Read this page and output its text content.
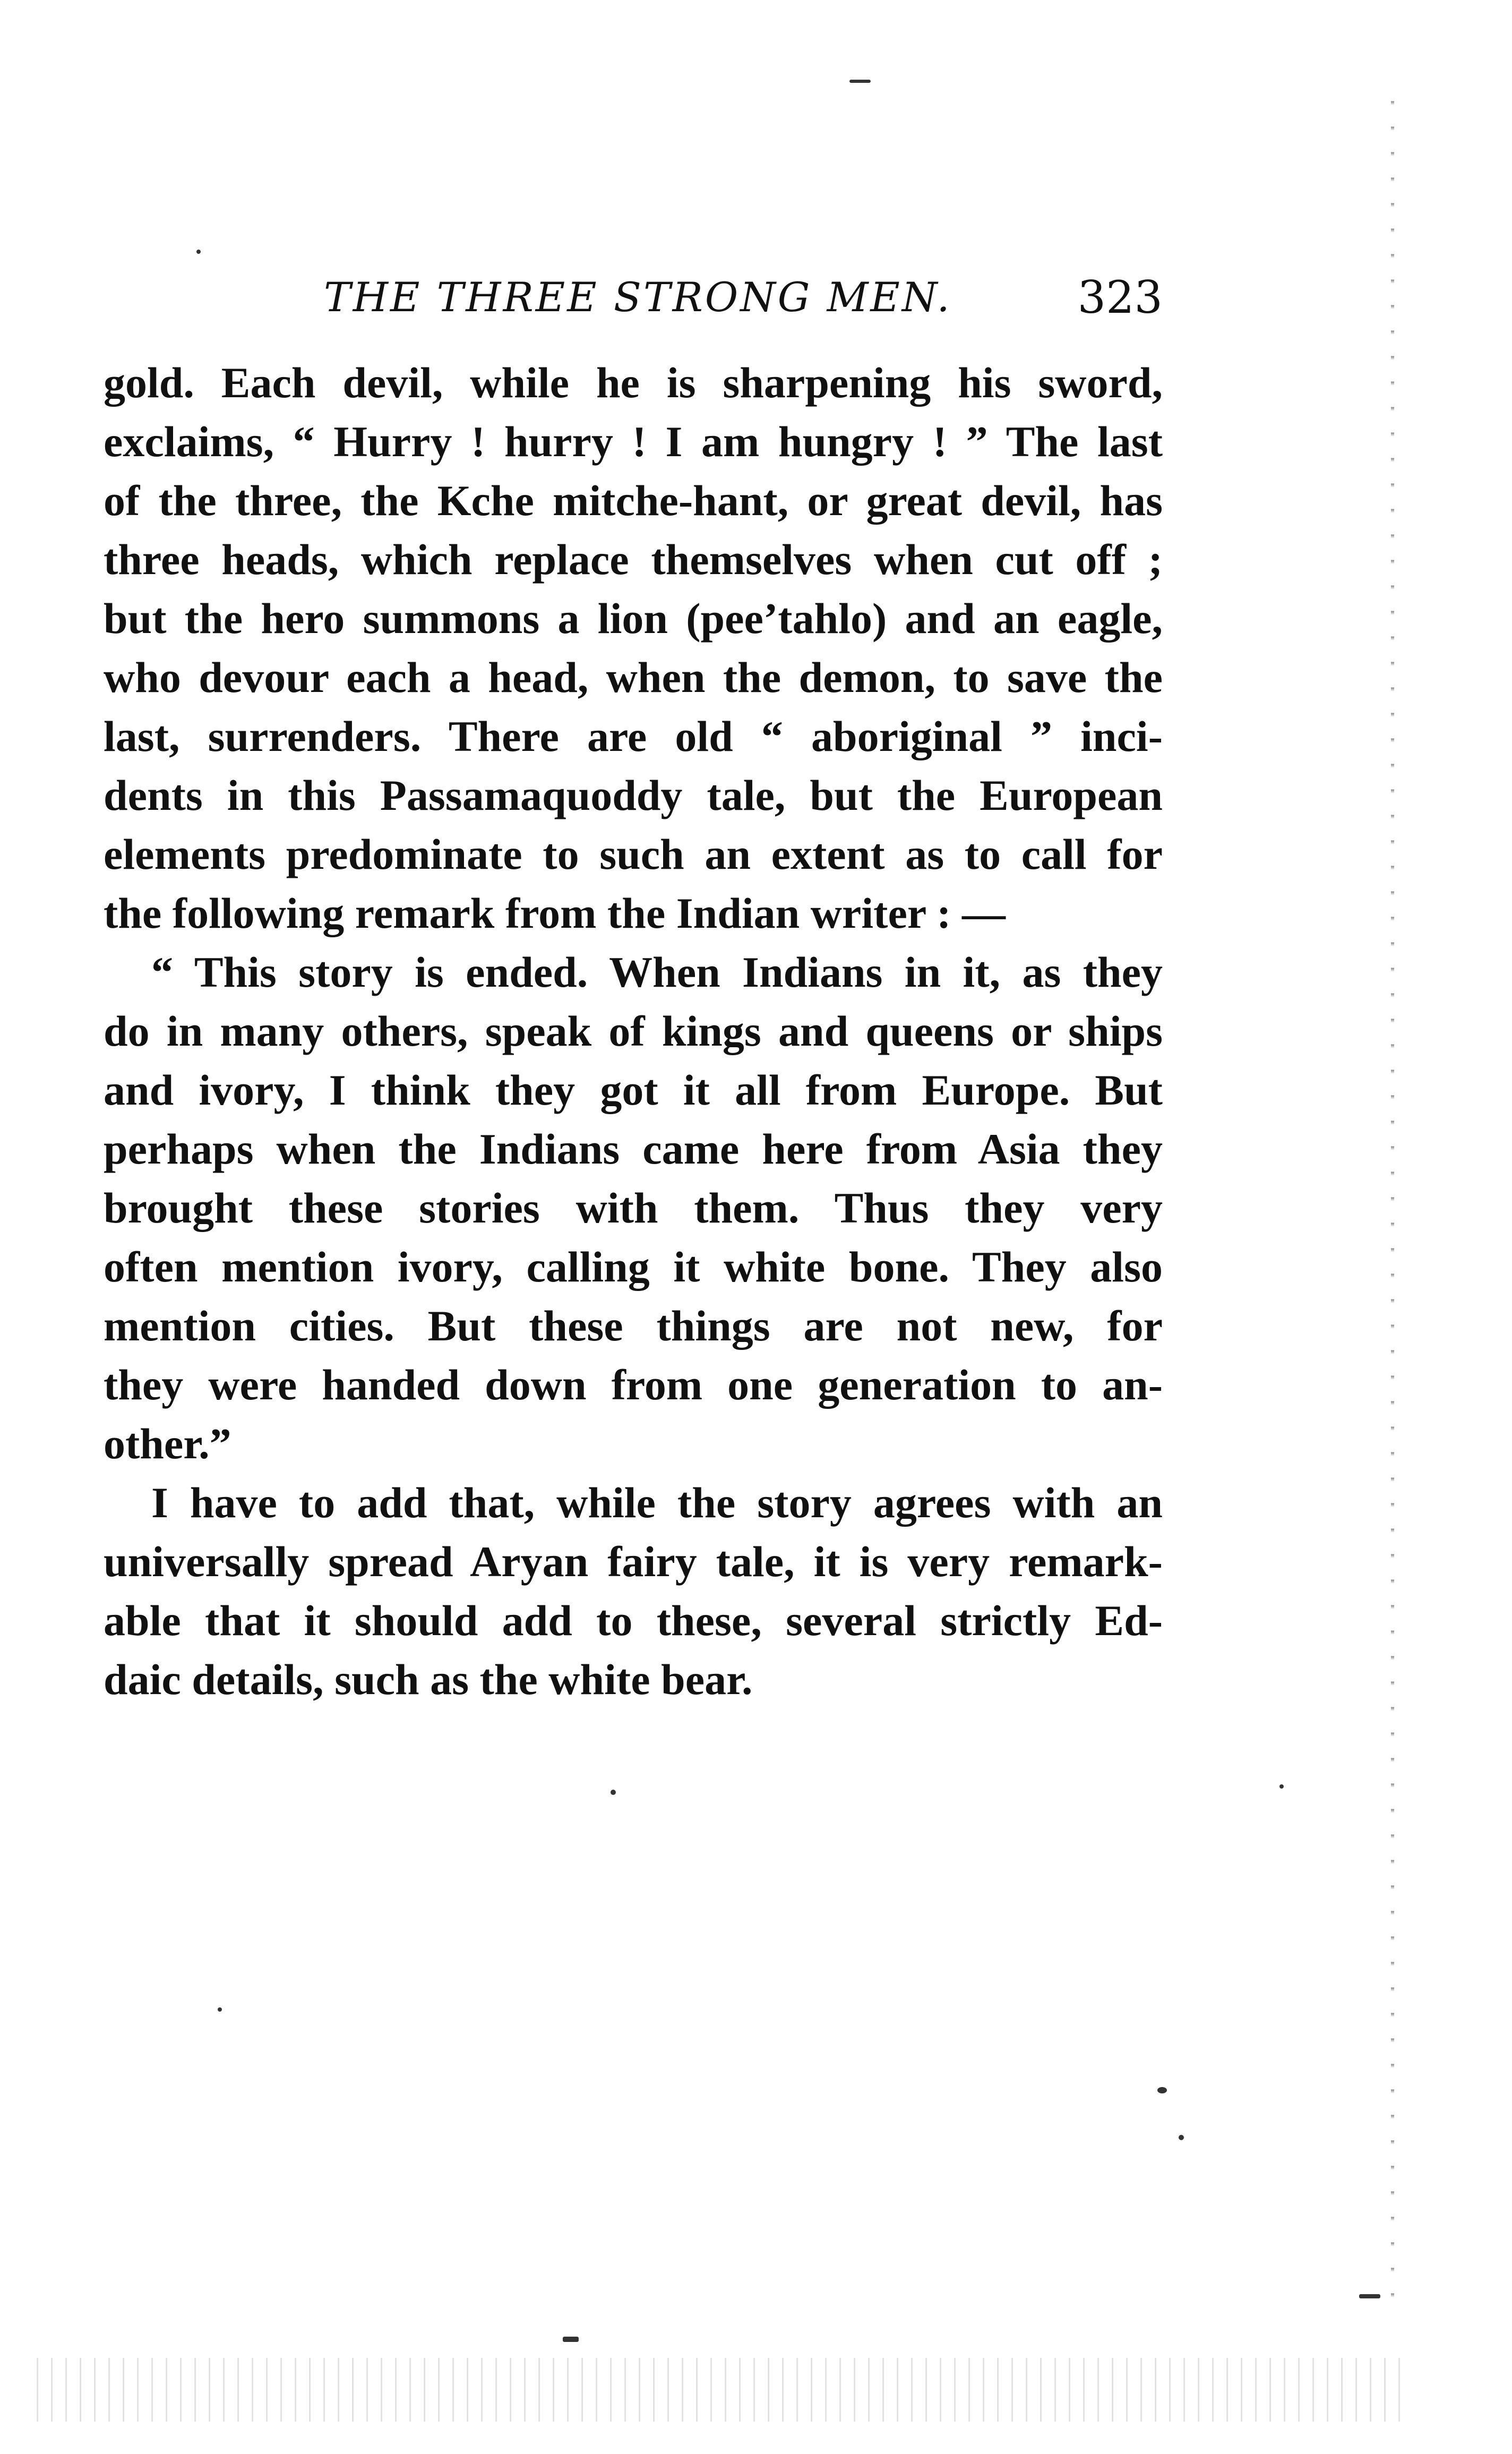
THE THREE STRONG MEN.	323
gold. Each devil, while he is sharpening his sword,
exclaims, “ Hurry ! hurry ! I am hungry ! ” The last
of the three, the Kche mitche-hant, or great devil, has
three heads, which replace themselves when cut off ;
but the hero summons a lion (pee’tahlo) and an eagle,
who devour each a head, when the demon, to save the
last, surrenders. There are old “ aboriginal ” inci-
dents in this Passamaquoddy tale, but the European
elements predominate to such an extent as to call for
the following remark from the Indian writer : —
“ This story is ended. When Indians in it, as they
do in many others, speak of kings and queens or ships
and ivory, I think they got it all from Europe. But
perhaps when the Indians came here from Asia they
brought these stories with them. Thus they very
often mention ivory, calling it white bone. They also
mention cities. But these things are not new, for
they were handed down from one generation to an-
other.”
I have to add that, while the story agrees with an
universally spread Aryan fairy tale, it is very remark-
able that it should add to these, several strictly Ed-
daic details, such as the white bear.
